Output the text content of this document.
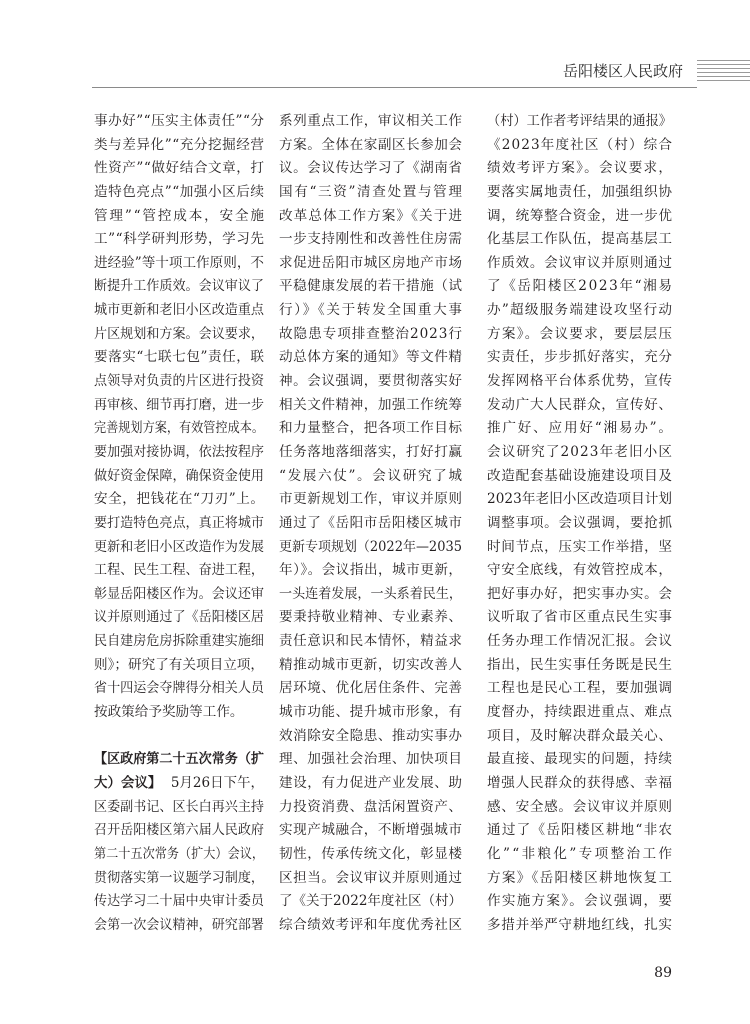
岳阳楼区人民政府
事办好”“压实主体责任”“分
类与差异化”“充分挖掘经营
性资产”“做好结合文章，打
造特色亮点”“加强小区后续
管理”“管控成本，安全施
工”“科学研判形势，学习先
进经验”等十项工作原则，不
断提升工作质效。会议审议了
城市更新和老旧小区改造重点
片区规划和方案。会议要求，
要落实“七联七包”责任，联
点领导对负责的片区进行投资
再审核、细节再打磨，进一步
完善规划方案，有效管控成本。
要加强对接协调，依法按程序
做好资金保障，确保资金使用
安全，把钱花在“刀刃”上。
要打造特色亮点，真正将城市
更新和老旧小区改造作为发展
工程、民生工程、奋进工程，
彰显岳阳楼区作为。会议还审
议并原则通过了《岳阳楼区居
民自建房危房拆除重建实施细
则》；研究了有关项目立项，
省十四运会夺牌得分相关人员
按政策给予奖励等工作。
【区政府第二十五次常务（扩
大）会议】 5月26日下午，
区委副书记、区长白再兴主持
召开岳阳楼区第六届人民政府
第二十五次常务（扩大）会议，
贯彻落实第一议题学习制度，
传达学习二十届中央审计委员
会第一次会议精神，研究部署
系列重点工作，审议相关工作
方案。全体在家副区长参加会
议。会议传达学习了《湖南省
国有“三资”清查处置与管理
改革总体工作方案》《关于进
一步支持刚性和改善性住房需
求促进岳阳市城区房地产市场
平稳健康发展的若干措施（试
行）》《关于转发全国重大事
故隐患专项排查整治2023行
动总体方案的通知》等文件精
神。会议强调，要贯彻落实好
相关文件精神，加强工作统筹
和力量整合，把各项工作目标
任务落地落细落实，打好打赢
“发展六仗”。会议研究了城
市更新规划工作，审议并原则
通过了《岳阳市岳阳楼区城市
更新专项规划（2022年—2035
年）》。会议指出，城市更新，
一头连着发展，一头系着民生，
要秉持敬业精神、专业素养、
责任意识和民本情怀，精益求
精推动城市更新，切实改善人
居环境、优化居住条件、完善
城市功能、提升城市形象，有
效消除安全隐患、推动实事办
理、加强社会治理、加快项目
建设，有力促进产业发展、助
力投资消费、盘活闲置资产、
实现产城融合，不断增强城市
韧性，传承传统文化，彰显楼
区担当。会议审议并原则通过
了《关于2022年度社区（村）
综合绩效考评和年度优秀社区
（村）工作者考评结果的通报》
《2023年度社区（村）综合
绩效考评方案》。会议要求，
要落实属地责任，加强组织协
调，统筹整合资金，进一步优
化基层工作队伍，提高基层工
作质效。会议审议并原则通过
了《岳阳楼区2023年“湘易
办”超级服务端建设攻坚行动
方案》。会议要求，要层层压
实责任，步步抓好落实，充分
发挥网格平台体系优势，宣传
发动广大人民群众，宣传好、
推广好、应用好“湘易办”。
会议研究了2023年老旧小区
改造配套基础设施建设项目及
2023年老旧小区改造项目计划
调整事项。会议强调，要抢抓
时间节点，压实工作举措，坚
守安全底线，有效管控成本，
把好事办好，把实事办实。会
议听取了省市区重点民生实事
任务办理工作情况汇报。会议
指出，民生实事任务既是民生
工程也是民心工程，要加强调
度督办，持续跟进重点、难点
项目，及时解决群众最关心、
最直接、最现实的问题，持续
增强人民群众的获得感、幸福
感、安全感。会议审议并原则
通过了《岳阳楼区耕地“非农
化”“非粮化”专项整治工作
方案》《岳阳楼区耕地恢复工
作实施方案》。会议强调，要
多措并举严守耕地红线，扎实
89
